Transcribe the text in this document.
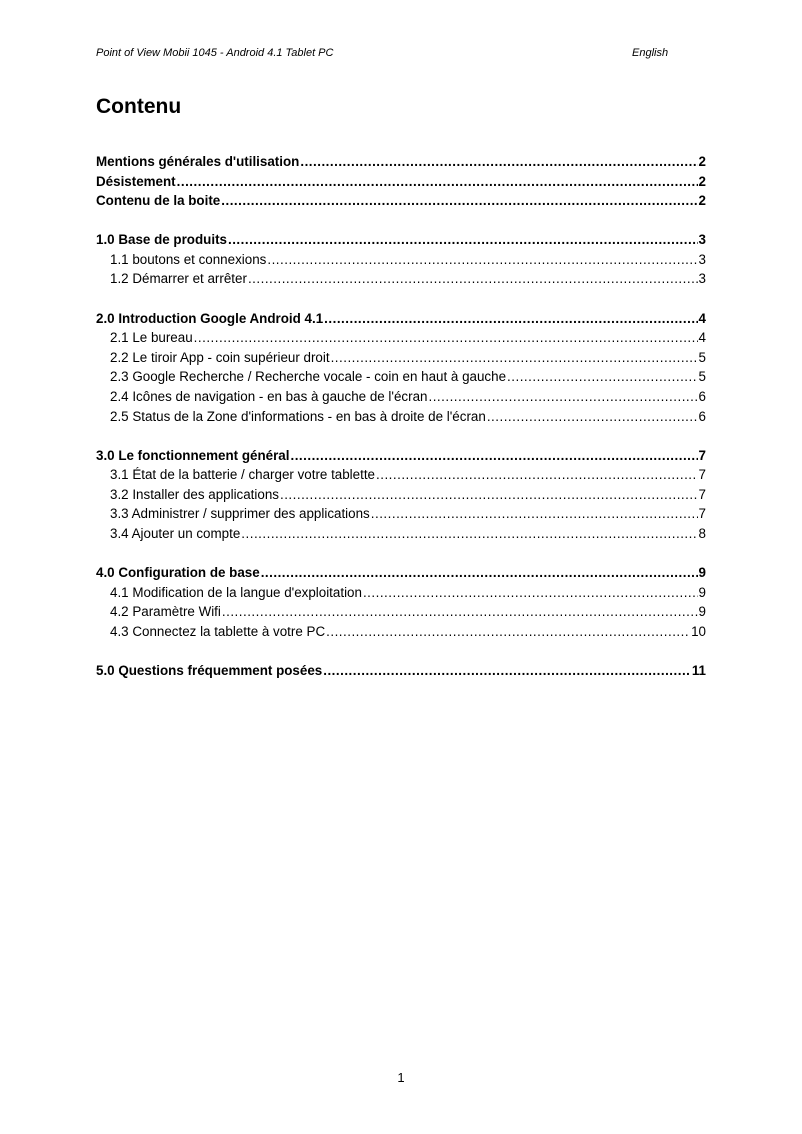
Point of View Mobii 1045 - Android 4.1 Tablet PC	English
Contenu
Mentions générales d'utilisation .....	2
Désistement .....	2
Contenu de la boite .....	2
1.0 Base de produits .....	3
1.1 boutons et connexions .....	3
1.2 Démarrer et arrêter .....	3
2.0 Introduction Google Android 4.1 .....	4
2.1 Le bureau .....	4
2.2 Le tiroir App - coin supérieur droit .....	5
2.3 Google Recherche / Recherche vocale - coin en haut à gauche .....	5
2.4 Icônes de navigation - en bas à gauche de l'écran .....	6
2.5 Status de la Zone d'informations - en bas à droite de l'écran .....	6
3.0 Le fonctionnement général .....	7
3.1 État de la batterie / charger votre tablette .....	7
3.2 Installer des applications .....	7
3.3 Administrer / supprimer des applications .....	7
3.4 Ajouter un compte .....	8
4.0 Configuration de base .....	9
4.1 Modification de la langue d'exploitation .....	9
4.2 Paramètre Wifi .....	9
4.3 Connectez la tablette à votre PC .....	10
5.0 Questions fréquemment posées .....	11
1
